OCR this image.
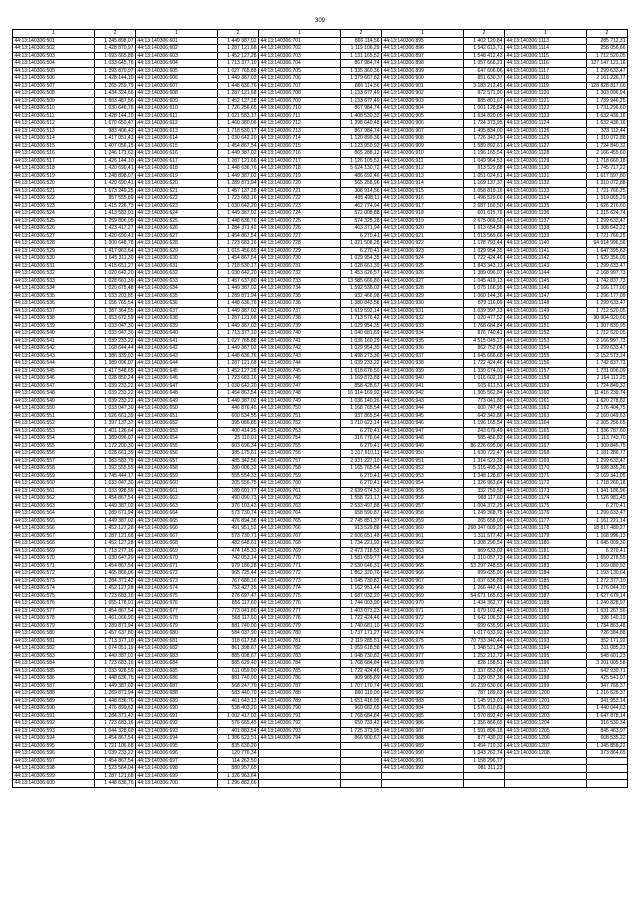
309
1	2	1	2	1	2	1	2	1	2
44:13:140306:501	1 245 898,07	44:13:140306:601	1 449 387,02	44:13:140306:701	866 114,56	44:13:140306:895	1 402 120,84	44:13:140306:1113	285 712,31
44:13:140306:502	1 428 870,97	44:13:140306:602	1 287 121,68	44:13:140306:702	1 119 106,29	44:13:140306:896	1 542 613,71	44:13:140306:1114	258 056,66
44:13:140306:503	1 693 665,88	44:13:140306:603	1 452 127,28	44:13:140306:703	1 131 165,52	44:13:140306:897	1 548 412,43	44:13:140306:1115	1 712 520,05
44:13:140306:504	1 033 645,76	44:13:140306:604	1 713 377,10	44:13:140306:704	867 984,74	44:13:140306:898	1 057 666,21	44:13:140306:1116	127 147 121,16
44:13:140306:505	1 393 870,97	44:13:140306:605	1 027 765,88	44:13:140306:705	1 335 360,36	44:13:140306:899	647 606,06	44:13:140306:1117	1 299 633,47
44:13:140306:506	1 428 144,10	44:13:140306:606	1 449 387,02	44:13:140306:706	1 379 667,82	44:13:140306:900	851 630,37	44:13:140306:1118	2 161 226,77
44:13:140306:507	1 265 259,79	44:13:140306:607	1 448 636,76	44:13:140306:707	866 114,56	44:13:140306:901	3 183 212,45	44:13:140306:1119	128 828 817,66
44:13:140306:508	1 434 324,66	44:13:140306:608	1 287 121,68	44:13:140306:708	1 133 677,49	44:13:140306:902	972 571,90	44:13:140306:1120	1 303 096,94
44:13:140306:509	1 663 487,56	44:13:140306:609	1 452 127,28	44:13:140306:709	1 133 677,49	44:13:140306:903	885 801,67	44:13:140306:1121	1 739 946,25
44:13:140306:510	1 030 646,76	44:13:140306:610	1 726 256,65	44:13:140306:710	867 984,74	44:13:140306:904	1 001 128,84	44:13:140306:1122	1 731 296,60
44:13:140306:511	1 428 144,10	44:13:140306:611	1 021 583,17	44:13:140306:711	1 408 530,33	44:13:140306:905	1 634 820,05	44:13:140306:1123	1 632 436,16
44:13:140306:512	1 670 650,47	44:13:140306:612	1 460 380,06	44:13:140306:712	1 398 640,48	44:13:140306:906	1 724 373,95	44:13:140306:1124	1 632 436,16
44:13:140306:513	983 406,42	44:13:140306:613	1 718 530,17	44:13:140306:713	867 984,74	44:13:140306:907	1 495 834,00	44:13:140306:1125	373 112,44
44:13:140306:514	1 417 051,43	44:13:140306:614	1 030 642,20	44:13:140306:714	1 120 899,36	44:13:140306:908	1 726 343,29	44:13:140306:1126	1 310 072,88
44:13:140306:515	1 407 056,15	44:13:140306:615	1 454 867,54	44:13:140306:715	1 123 950,92	44:13:140306:909	1 589 892,61	44:13:140306:1127	1 724 840,32
44:13:140306:516	1 246 171,62	44:13:140306:616	1 449 387,02	44:13:140306:716	865 288,12	44:13:140306:910	1 196 165,54	44:13:140306:1128	2 166 455,60
44:13:140306:517	1 426 144,10	44:13:140306:617	1 287 121,68	44:13:140306:717	1 126 105,52	44:13:140306:911	1 049 964,53	44:13:140306:1129	1 718 660,18
44:13:140306:518	1 420 690,41	44:13:140306:618	1 448 636,76	44:13:140306:718	5 624 130,72	44:13:140306:912	913 529,88	44:13:140306:1130	1 745 717,22
44:13:140306:519	1 248 898,07	44:13:140306:619	1 449 387,02	44:13:140306:719	486 692,46	44:13:140306:913	1 051 024,61	44:13:140306:1131	1 617 597,80
44:13:140306:520	1 420 690,41	44:13:140306:620	1 289 871,94	44:13:140306:720	565 258,96	44:13:140306:914	1 169 137,37	44:13:140306:1132	1 310 072,88
44:13:140306:521	1 673 249,25	44:13:140306:621	1 457 137,28	44:13:140306:721	308 914,56	44:13:140306:915	1 058 819,16	44:13:140306:1133	1 721 766,25
44:13:140306:522	957 555,89	44:13:140306:622	1 723 683,16	44:13:140306:722	495 498,11	44:13:140306:916	1 496 529,66	44:13:140306:1134	1 319 065,29
44:13:140306:523	1 415 226,73	44:13:140306:623	1 030 642,20	44:13:140306:723	462 774,94	44:13:140306:917	2 687 166,50	44:13:140306:1135	1 626 276,60
44:13:140306:524	1 413 583,01	44:13:140306:624	1 449 387,02	44:13:140306:724	572 008,88	44:13:140306:918	601 615,79	44:13:140306:1136	1 315 624,74
44:13:140306:525	1 259 806,09	44:13:140306:625	1 448 636,76	44:13:140306:725	574 325,28	44:13:140306:919	2 675 066,50	44:13:140306:1137	1 299 633,47
44:13:140306:526	1 423 417,27	44:13:140306:626	1 284 371,42	44:13:140306:726	463 371,94	44:13:140306:920	1 613 654,56	44:13:140306:1138	1 308 642,22
44:13:140306:527	1 420 690,41	44:13:140306:627	1 454 867,54	44:13:140306:727	6 270,41	44:13:140306:921	1 013 569,66	44:13:140306:1139	1 721 766,25
44:13:140306:528	1 000 648,78	44:13:140306:628	1 723 683,16	44:13:140306:728	1 021 508,28	44:13:140306:922	1 178 793,44	44:13:140306:1140	94 914 996,56
44:13:140306:529	1 417 963,64	44:13:140306:629	1 015 456,65	44:13:140306:729	6 270,41	44:13:140306:923	1 029 954,35	44:13:140306:1141	1 647 395,63
44:13:140306:530	1 645 311,30	44:13:140306:630	1 454 867,54	44:13:140306:730	1 029 954,35	44:13:140306:924	1 722 424,46	44:13:140306:1142	1 629 356,09
44:13:140306:531	1 415 651,27	44:13:140306:631	1 718 530,17	44:13:140306:731	1 028 661,39	44:13:140306:925	1 843 343,13	44:13:140306:1143	1 299 633,47
44:13:140306:532	1 020 642,20	44:13:140306:632	1 030 642,20	44:13:140306:732	1 453 626,57	44:13:140306:926	1 389 096,07	44:13:140306:1144	2 168 997,73
44:13:140306:533	1 028 661,39	44:13:140306:633	1 457 637,80	44:13:140306:733	13 585 666,80	44:13:140306:927	1 045 419,13	44:13:140306:1145	1 742 837,73
44:13:140306:534	1 020 675,48	44:13:140306:634	1 449 387,02	44:13:140306:734	1 592 536,02	44:13:140306:928	1 075 166,95	44:13:140306:1146	2 166 177,00
44:13:140306:535	1 033 203,85	44:13:140306:635	1 289 871,94	44:13:140306:735	932 466,98	44:13:140306:929	1 060 144,36	44:13:140306:1147	1 296 177,09
44:13:140306:536	1 156 765,54	44:13:140306:636	1 448 636,76	44:13:140306:736	1 380 843,58	44:13:140306:930	879 116,09	44:13:140306:1148	1 299 633,47
44:13:140306:537	1 387 364,55	44:13:140306:637	1 449 387,02	44:13:140306:737	1 619 592,14	44:13:140306:931	1 039 397,23	44:13:140306:1149	1 712 520,05
44:13:140306:538	1 653 672,59	44:13:140306:638	1 287 121,68	44:13:140306:738	1 713 576,42	44:13:140306:932	1 020 477,52	44:13:140306:1150	90 904 920,66
44:13:140306:539	1 033 047,30	44:13:140306:639	1 449 387,02	44:13:140306:739	1 029 954,35	44:13:140306:933	1 768 684,84	44:13:140306:1151	1 307 830,95
44:13:140306:540	1 033 047,30	44:13:140306:640	1 713 377,10	44:13:140306:740	1 040 681,69	44:13:140306:934	876 740,41	44:13:140306:1152	1 712 520,05
44:13:140306:541	1 039 233,22	44:13:140306:641	1 027 765,88	44:13:140306:741	1 036 160,29	44:13:140306:935	4 515 045,27	44:13:140306:1153	2 166 997,73
44:13:140306:542	1 168 644,44	44:13:140306:642	1 449 387,02	44:13:140306:742	1 029 954,35	44:13:140306:936	862 752,05	44:13:140306:1154	1 299 633,47
44:13:140306:543	1 386 339,93	44:13:140306:643	1 448 636,76	44:13:140306:743	1 498 273,36	44:13:140306:937	1 645 666,68	44:13:140306:1155	2 152 573,24
44:13:140306:544	1 389 096,07	44:13:140306:644	1 287 121,68	44:13:140306:744	1 039 233,22	44:13:140306:938	1 722 424,46	44:13:140306:1156	1 742 837,73
44:13:140306:545	1 417 548,65	44:13:140306:645	1 452 127,28	44:13:140306:745	1 618 676,50	44:13:140306:939	1 339 674,01	44:13:140306:1157	1 731 096,09
44:13:140306:546	1 028 850,24	44:13:140306:646	1 723 683,16	44:13:140306:746	1 169 873,88	44:13:140306:940	1 016 602,19	44:13:140306:1158	2 164 112,25
44:13:140306:547	1 039 233,22	44:13:140306:647	1 030 642,20	44:13:140306:747	858 428,67	44:13:140306:941	915 611,51	44:13:140306:1159	1 724 840,32
44:13:140306:548	1 039 233,22	44:13:140306:648	1 454 867,54	44:13:140306:748	16 314 169,92	44:13:140306:942	1 305 562,84	44:13:140306:1160	11 416 239,74
44:13:140306:549	1 039 233,22	44:13:140306:649	1 449 387,02	44:13:140306:749	1 036 140,26	44:13:140306:943	773 041,80	44:13:140306:1161	1 620 278,82
44:13:140306:550	1 033 047,30	44:13:140306:650	446 876,45	44:13:140306:750	1 168 765,54	44:13:140306:944	600 747,45	44:13:140306:1162	2 176 404,75
44:13:140306:551	1 026 661,39	44:13:140306:651	600 534,55	44:13:140306:751	937 865,54	44:13:140306:945	642 342,86	44:13:140306:1163	2 160 049,63
44:13:140306:552	1 397 137,37	44:13:140306:652	395 086,85	44:13:140306:752	3 710 623,14	44:13:140306:946	1 196 165,54	44:13:140306:1164	2 305 256,65
44:13:140306:553	1 401 126,64	44:13:140306:653	400 414,25	44:13:140306:753	6 270,41	44:13:140306:947	243 679,49	44:13:140306:1165	1 336 787,60
44:13:140306:554	1 389 096,07	44:13:140306:654	25 110,01	44:13:140306:754	316 776,64	44:13:140306:948	585 456,82	44:13:140306:1166	1 113 743,70
44:13:140306:555	1 172 200,30	44:13:140306:655	603 696,34	44:13:140306:755	6 270,41	44:13:140306:949	86 226 695,06	44:13:140306:1167	1 309 845,75
44:13:140306:556	1 028 661,39	44:13:140306:656	385 175,61	44:13:140306:756	1 317 610,11	44:13:140306:950	1 630 722,47	44:13:140306:1168	1 181 286,77
44:13:140306:557	1 383 583,79	44:13:140306:657	485 342,56	44:13:140306:757	2 931 227,10	44:13:140306:951	1 314 623,36	44:13:140306:1169	1 299 633,47
44:13:140306:558	1 392 555,55	44:13:140306:658	280 006,32	44:13:140306:758	1 165 765,54	44:13:140306:952	5 316 495,32	44:13:140306:1170	9 698 335,26
44:13:140306:559	1 745 444,17	44:13:140306:659	555 554,33	44:13:140306:759	6 270,41	44:13:140306:953	1 348 128,87	44:13:140306:1171	2 169 341,05
44:13:140306:560	1 033 047,30	44:13:140306:660	205 556,75	44:13:140306:760	6 270,41	44:13:140306:954	1 326 963,64	44:13:140306:1172	1 718 260,18
44:13:140306:561	1 033 928,59	44:13:140306:661	189 601,77	44:13:140306:761	2 639 674,52	44:13:140306:955	332 759,58	44:13:140306:1173	1 341 186,96
44:13:140306:562	1 454 867,54	44:13:140306:662	490 090,73	44:13:140306:762	1 558 721,17	44:13:140306:956	968 117,60	44:13:140306:1174	1 126 981,45
44:13:140306:563	1 449 387,02	44:13:140306:663	376 103,43	44:13:140306:763	2 533 497,88	44:13:140306:957	1 004 372,25	44:13:140306:1175	6 270,41
44:13:140306:564	1 289 671,94	44:13:140306:664	573 730,74	44:13:140306:764	658 590,87	44:13:140306:958	1 249 368,75	44:13:140306:1176	1 299 633,47
44:13:140306:565	1 449 387,02	44:13:140306:665	476 894,38	44:13:140306:765	2 745 851,37	44:13:140306:959	265 658,09	44:13:140306:1177	1 161 221,14
44:13:140306:566	1 452 127,28	44:13:140306:666	491 951,52	44:13:140306:766	913 529,88	44:13:140306:960	268 347 609,20	44:13:140306:1178	18 817 489,27
44:13:140306:567	1 287 121,68	44:13:140306:667	573 730,71	44:13:140306:767	2 606 651,48	44:13:140306:961	1 311 577,42	44:13:140306:1179	1 168 996,13
44:13:140306:568	1 452 127,28	44:13:140306:668	482 648,61	44:13:140306:768	1 734 221,92	44:13:140306:962	1 308 290,54	44:13:140306:1180	1 645 009,30
44:13:140306:569	1 713 277,16	44:13:140306:669	474 145,33	44:13:140306:769	2 473 718,53	44:13:140306:963	969 633,02	44:13:140306:1181	6 270,41
44:13:140306:570	1 030 647,20	44:13:140306:670	742 053,14	44:13:140306:770	1 581 659,77	44:13:140306:964	1 310 057,73	44:13:140306:1182	1 650 278,55
44:13:140306:571	1 454 867,54	44:13:140306:671	979 186,28	44:13:140306:771	2 530 646,31	44:13:140306:965	53 297 248,55	44:13:140306:1183	1 169 080,92
44:13:140306:572	1 465 866,06	44:13:140306:672	965 725,44	44:13:140306:772	1 862 320,76	44:13:140306:966	999 635,90	44:13:140306:1184	1 193 130,64
44:13:140306:573	1 284 371,42	44:13:140306:673	767 686,16	44:13:140306:773	1 045 730,82	44:13:140306:967	1 037 636,88	44:13:140306:1185	1 272 377,10
44:13:140306:574	1 452 127,28	44:13:140306:674	752 427,35	44:13:140306:774	1 162 951,44	44:13:140306:968	1 266 442,41	44:13:140306:1186	1 276 044,70
44:13:140306:575	1 723 683,16	44:13:140306:675	276 697,47	44:13:140306:775	1 687 032,20	44:13:140306:969	54 671 165,63	44:13:140306:1187	1 627 679,14
44:13:140306:576	1 055 178,01	44:13:140306:676	856 117,60	44:13:140306:776	1 744 003,90	44:13:140306:970	1 434 362,77	44:13:140306:1188	1 240 828,97
44:13:140306:577	1 454 867,54	44:13:140306:677	773 041,80	44:13:140306:777	1 403 073,23	44:13:140306:971	1 679 103,42	44:13:140306:1189	1 631 267,56
44:13:140306:578	1 461 066,90	44:13:140306:678	568 117,60	44:13:140306:778	1 722 424,46	44:13:140306:972	1 642 106,52	44:13:140306:1190	398 140,19
44:13:140306:579	1 289 871,94	44:13:140306:679	881 740,00	44:13:140306:779	1 740 681,10	44:13:140306:973	699 635,90	44:13:140306:1191	1 734 863,48
44:13:140306:580	1 457 637,80	44:13:140306:680	584 037,90	44:13:140306:780	1 737 171,27	44:13:140306:974	1 017 633,92	44:13:140306:1192	726 384,88
44:13:140306:581	1 713 377,10	44:13:140306:681	318 617,58	44:13:140306:781	2 119 285,51	44:13:140306:975	70 733 340,44	44:13:140306:1193	352 171,92
44:13:140306:582	1 074 051,19	44:13:140306:682	861 398,67	44:13:140306:782	1 059 618,58	44:13:140306:976	1 348 521,94	44:13:140306:1194	311 085,23
44:13:140306:583	1 449 387,02	44:13:140306:683	885 098,67	44:13:140306:783	1 048 730,82	44:13:140306:977	1 252 212,72	44:13:140306:1195	548 601,23
44:13:140306:584	1 723 683,16	44:13:140306:684	885 629,40	44:13:140306:784	1 768 684,84	44:13:140306:978	828 158,51	44:13:140306:1196	3 201 005,58
44:13:140306:585	1 033 928,59	44:13:140306:685	611 059,90	44:13:140306:785	1 722 424,46	44:13:140306:979	1 337 653,08	44:13:140306:1197	642 930,71
44:13:140306:586	1 448 636,76	44:13:140306:686	881 740,00	44:13:140306:786	909 985,89	44:13:140306:980	1 329 057,36	44:13:140306:1198	425 541,07
44:13:140306:587	1 449 387,02	44:13:140306:687	568 247,70	44:13:140306:787	1 707 170,74	44:13:140306:981	16 239 630,66	44:13:140306:1199	347 766,37
44:13:140306:588	1 289 871,94	44:13:140306:688	583 440,70	44:13:140306:788	860 110,00	44:13:140306:982	787 189,63	44:13:140306:1200	1 216 526,37
44:13:140306:589	1 448 636,76	44:13:140306:689	461 643,13	44:13:140306:789	1 651 416,95	44:13:140306:983	1 145 913,01	44:13:140306:1201	341 953,14
44:13:140306:590	1 476 899,62	44:13:140306:690	538 403,20	44:13:140306:790	960 682,65	44:13:140306:984	1 576 610,81	44:13:140306:1202	1 440 044,63
44:13:140306:591	1 284 371,42	44:13:140306:691	1 002 417,02	44:13:140306:791	1 768 684,84	44:13:140306:985	1 070 892,40	44:13:140306:1203	1 647 878,14
44:13:140306:592	1 723 683,16	44:13:140306:692	576 665,45	44:13:140306:792	650 733,42	44:13:140306:986	1 356 866,65	44:13:140306:1204	316 530,34
44:13:140306:593	1 044 328,60	44:13:140306:693	401 883,54	44:13:140306:793	1 725 373,95	44:13:140306:987	1 591 896,18	44:13:140306:1205	845 463,97
44:13:140306:594	1 454 867,54	44:13:140306:694	1 386 523,51	44:13:140306:794	866 900,67	44:13:140306:988	877 430,03	44:13:140306:1206	668 535,22
44:13:140306:595	1 721 106,68	44:13:140306:695	835 630,20			44:13:140306:989	1 454 710,32	44:13:140306:1207	1 345 858,22
44:13:140306:596	1 039 233,22	44:13:140306:696	120 776,34			44:13:140306:990	1 343 262,74	44:13:140306:1208	373 864,65
44:13:140306:597	1 454 867,54	44:13:140306:697	114 262,50			44:13:140306:991	1 158 296,77		
44:13:140306:598	1 523 564,04	44:13:140306:698	580 957,65			44:13:140306:992	981 311,23		
44:13:140306:599	1 287 121,68	44:13:140306:699	1 326 963,64						
44:13:140306:600	1 448 636,76	44:13:140306:700	1 296 882,66						
